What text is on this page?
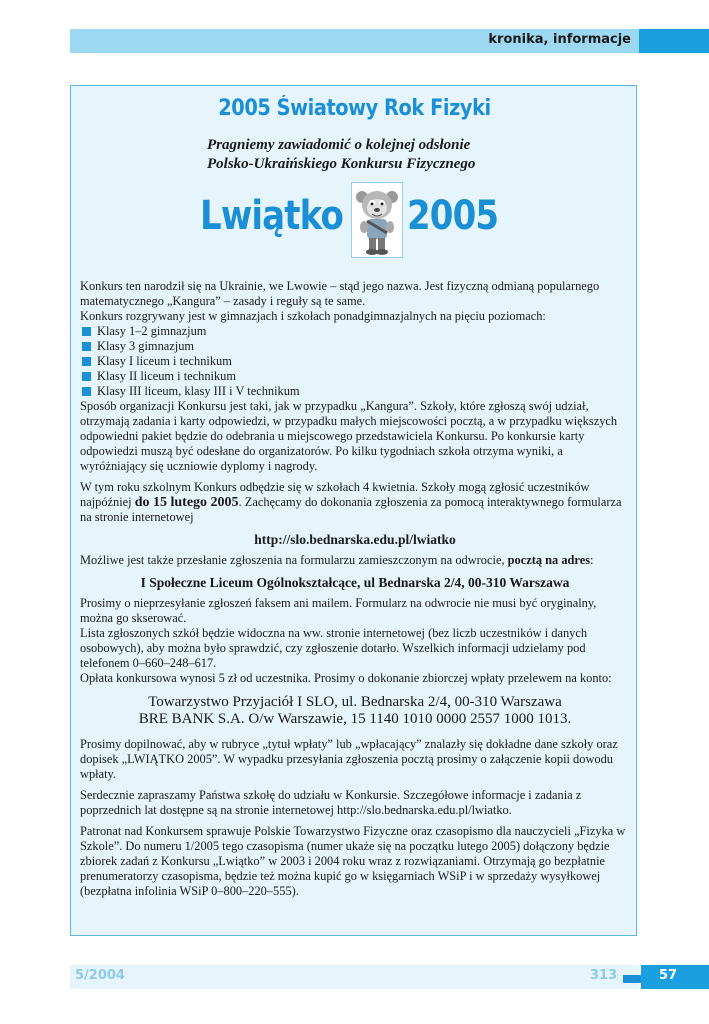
kronika, informacje
2005 Światowy Rok Fizyki
Pragniemy zawiadomić o kolejnej odsłonie
Polsko-Ukraińskiego Konkursu Fizycznego
Lwiątko 2005

Konkurs ten narodził się na Ukrainie, we Lwowie – stąd jego nazwa. Jest fizyczną odmianą popularnego matematycznego „Kangura” – zasady i reguły są te same.

Konkurs rozgrywany jest w gimnazjach i szkołach ponadgimnazjalnych na pięciu poziomach:

Klasy 1–2 gimnazjum
Klasy 3 gimnazjum
Klasy I liceum i technikum
Klasy II liceum i technikum
Klasy III liceum, klasy III i V technikum

Sposób organizacji Konkursu jest taki, jak w przypadku „Kangura”. Szkoły, które zgłoszą swój udział, otrzymają zadania i karty odpowiedzi, w przypadku małych miejscowości pocztą, a w przypadku większych odpowiedni pakiet będzie do odebrania u miejscowego przedstawiciela Konkursu. Po konkursie karty odpowiedzi muszą być odesłane do organizatorów. Po kilku tygodniach szkoła otrzyma wyniki, a wyróżniający się uczniowie dyplomy i nagrody.

W tym roku szkolnym Konkurs odbędzie się w szkołach 4 kwietnia. Szkoły mogą zgłosić uczestników najpóźniej do 15 lutego 2005. Zachęcamy do dokonania zgłoszenia za pomocą interaktywnego formularza na stronie internetowej

http://slo.bednarska.edu.pl/lwiatko

Możliwe jest także przesłanie zgłoszenia na formularzu zamieszczonym na odwrocie, pocztą na adres:

I Społeczne Liceum Ogólnokształcące, ul Bednarska 2/4, 00-310 Warszawa

Prosimy o nieprzesyłanie zgłoszeń faksem ani mailem. Formularz na odwrocie nie musi być oryginalny, można go skserować.

Lista zgłoszonych szkół będzie widoczna na ww. stronie internetowej (bez liczb uczestników i danych osobowych), aby można było sprawdzić, czy zgłoszenie dotarło. Wszelkich informacji udzielamy pod telefonem 0–660–248–617.

Opłata konkursowa wynosi 5 zł od uczestnika. Prosimy o dokonanie zbiorczej wpłaty przelewem na konto:

Towarzystwo Przyjaciół I SLO, ul. Bednarska 2/4, 00-310 Warszawa
BRE BANK S.A. O/w Warszawie, 15 1140 1010 0000 2557 1000 1013.

Prosimy dopilnować, aby w rubryce „tytuł wpłaty” lub „wpłacający” znalazły się dokładne dane szkoły oraz dopisek „LWIĄTKO 2005”. W wypadku przesyłania zgłoszenia pocztą prosimy o załączenie kopii dowodu wpłaty.

Serdecznie zapraszamy Państwa szkołę do udziału w Konkursie. Szczegółowe informacje i zadania z poprzednich lat dostępne są na stronie internetowej http://slo.bednarska.edu.pl/lwiatko.

Patronat nad Konkursem sprawuje Polskie Towarzystwo Fizyczne oraz czasopismo dla nauczycieli „Fizyka w Szkole”. Do numeru 1/2005 tego czasopisma (numer ukaże się na początku lutego 2005) dołączony będzie zbiorek zadań z Konkursu „Lwiątko” w 2003 i 2004 roku wraz z rozwiązaniami. Otrzymają go bezpłatnie prenumeratorzy czasopisma, będzie też można kupić go w księgarniach WSiP i w sprzedaży wysyłkowej (bezpłatna infolinia WSiP 0–800–220–555).

5/2004	313	57
